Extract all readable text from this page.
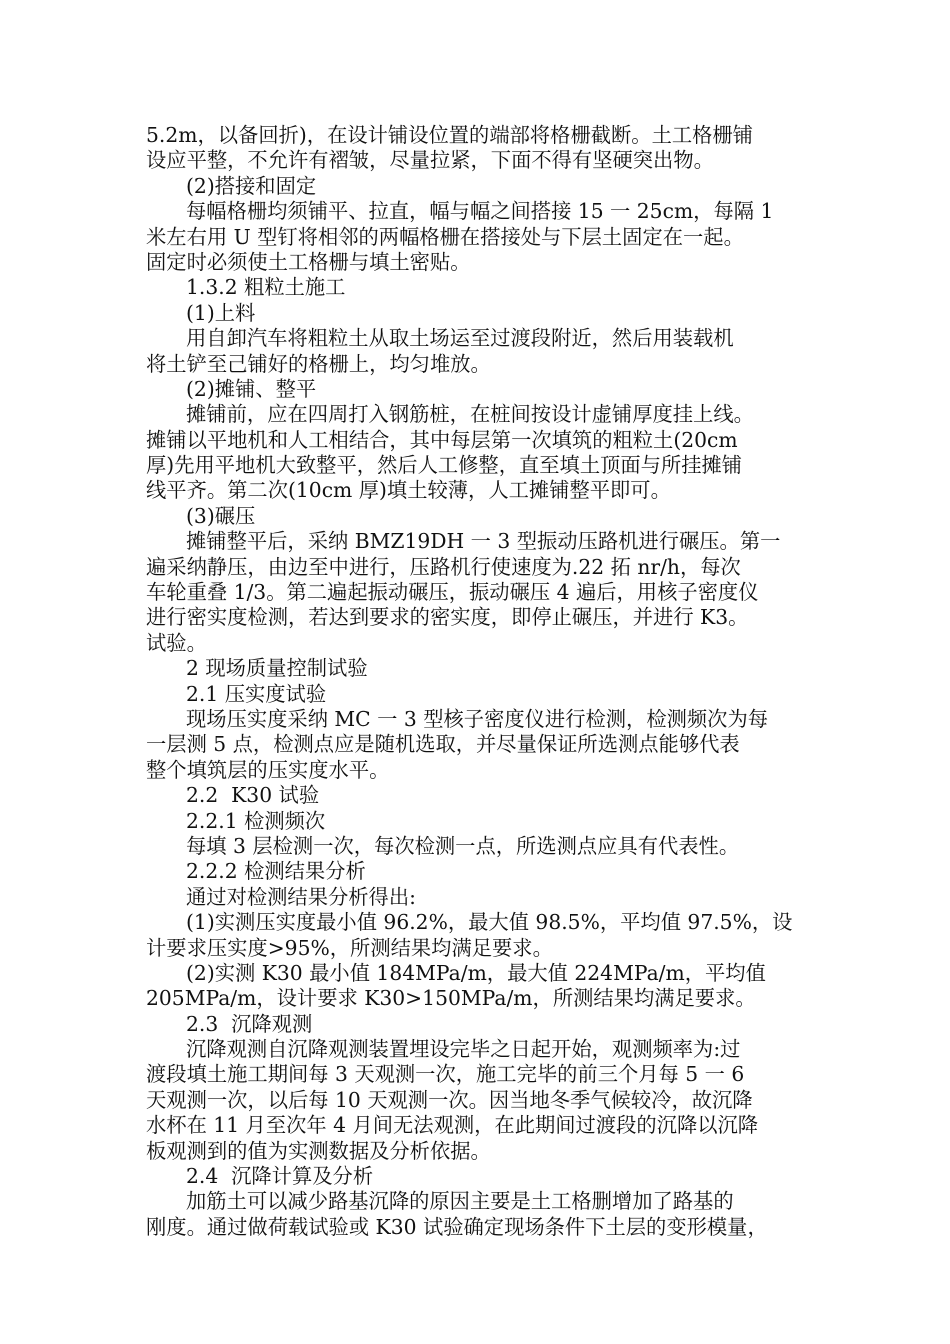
5.2m，以备回折)，在设计铺设位置的端部将格栅截断。土工格栅铺
设应平整，不允许有褶皱，尽量拉紧，下面不得有坚硬突出物。
(2)搭接和固定
每幅格栅均须铺平、拉直，幅与幅之间搭接 15 一 25cm，每隔 1
米左右用 U 型钉将相邻的两幅格栅在搭接处与下层土固定在一起。
固定时必须使土工格栅与填土密贴。
1.3.2 粗粒土施工
(1)上料
用自卸汽车将粗粒土从取土场运至过渡段附近，然后用装载机
将土铲至己铺好的格栅上，均匀堆放。
(2)摊铺、整平
摊铺前，应在四周打入钢筋桩，在桩间按设计虚铺厚度挂上线。
摊铺以平地机和人工相结合，其中每层第一次填筑的粗粒土(20cm
厚)先用平地机大致整平，然后人工修整，直至填土顶面与所挂摊铺
线平齐。第二次(10cm 厚)填土较薄，人工摊铺整平即可。
(3)碾压
摊铺整平后，采纳 BMZ19DH 一 3 型振动压路机进行碾压。第一
遍采纳静压，由边至中进行，压路机行使速度为.22 拓 nr/h，每次
车轮重叠 1/3。第二遍起振动碾压，振动碾压 4 遍后，用核子密度仪
进行密实度检测，若达到要求的密实度，即停止碾压，并进行 K3。
试验。
2 现场质量控制试验
2.1 压实度试验
现场压实度采纳 MC 一 3 型核子密度仪进行检测，检测频次为每
一层测 5 点，检测点应是随机选取，并尽量保证所选测点能够代表
整个填筑层的压实度水平。
2.2  K30 试验
2.2.1 检测频次
每填 3 层检测一次，每次检测一点，所选测点应具有代表性。
2.2.2 检测结果分析
通过对检测结果分析得出:
(1)实测压实度最小值 96.2%，最大值 98.5%，平均值 97.5%，设
计要求压实度>95%，所测结果均满足要求。
(2)实测 K30 最小值 184MPa/m，最大值 224MPa/m，平均值
205MPa/m，设计要求 K30>150MPa/m，所测结果均满足要求。
2.3  沉降观测
沉降观测自沉降观测装置埋设完毕之日起开始，观测频率为:过
渡段填土施工期间每 3 天观测一次，施工完毕的前三个月每 5 一 6
天观测一次，以后每 10 天观测一次。因当地冬季气候较冷，故沉降
水杯在 11 月至次年 4 月间无法观测，在此期间过渡段的沉降以沉降
板观测到的值为实测数据及分析依据。
2.4  沉降计算及分析
加筋土可以减少路基沉降的原因主要是土工格删增加了路基的
刚度。通过做荷载试验或 K30 试验确定现场条件下土层的变形模量，
